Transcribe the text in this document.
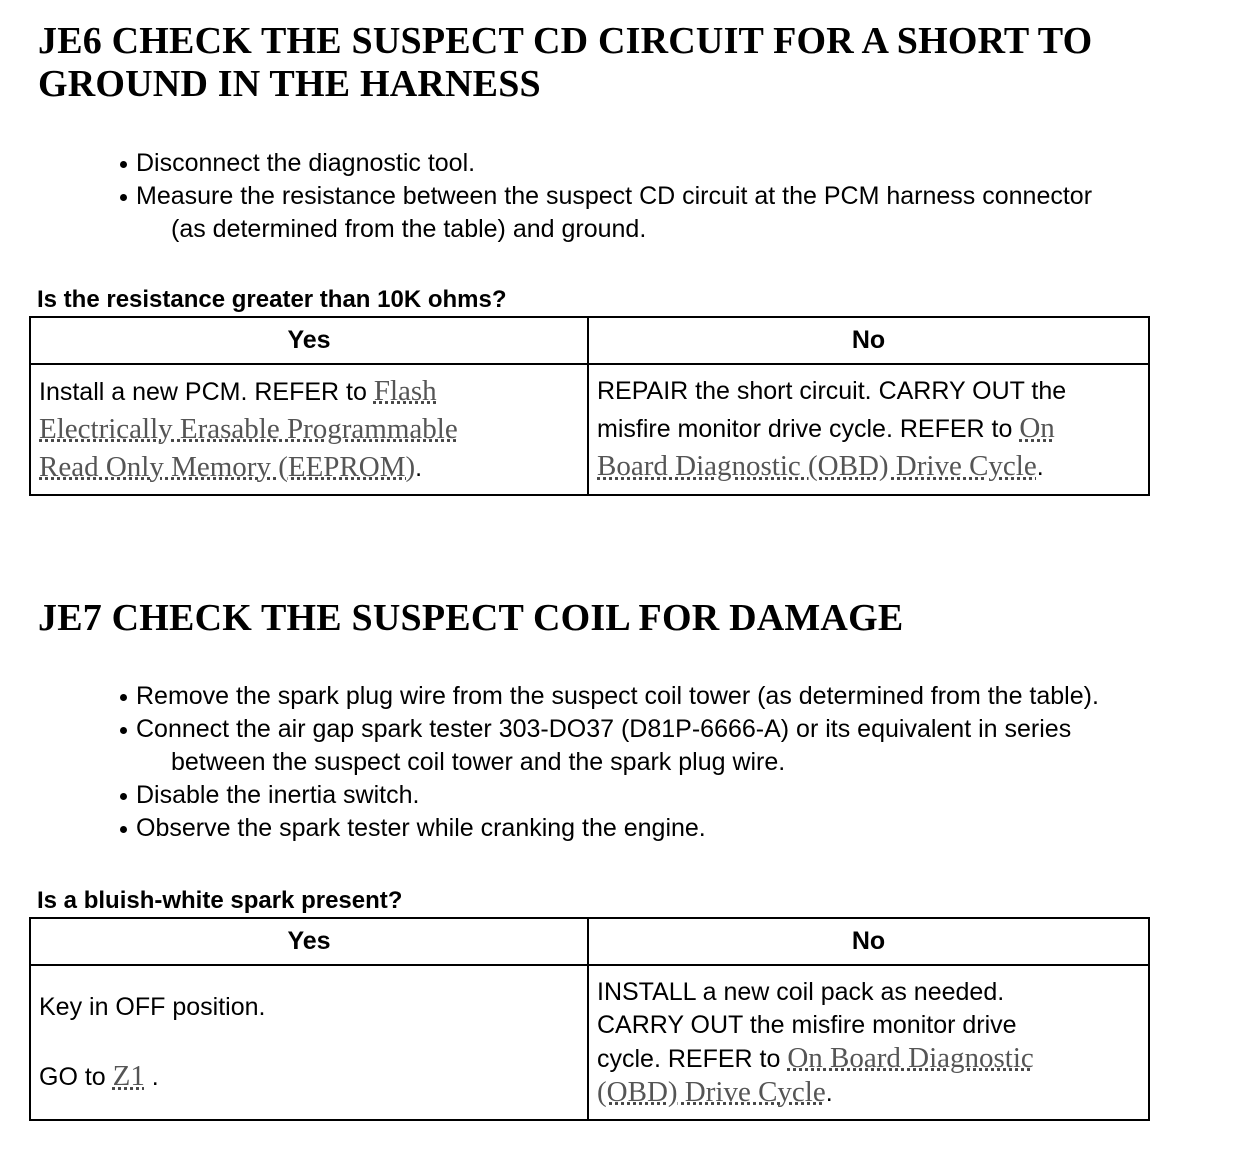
JE6 CHECK THE SUSPECT CD CIRCUIT FOR A SHORT TO
GROUND IN THE HARNESS
Disconnect the diagnostic tool.
Measure the resistance between the suspect CD circuit at the PCM harness connector
(as determined from the table) and ground.

Is the resistance greater than 10K ohms?

Yes	No
Install a new PCM. REFER to Flash
Electrically Erasable Programmable
Read Only Memory (EEPROM).	REPAIR the short circuit. CARRY OUT the
misfire monitor drive cycle. REFER to On
Board Diagnostic (OBD) Drive Cycle.
JE7 CHECK THE SUSPECT COIL FOR DAMAGE
Remove the spark plug wire from the suspect coil tower (as determined from the table).
Connect the air gap spark tester 303-DO37 (D81P-6666-A) or its equivalent in series
between the suspect coil tower and the spark plug wire.
Disable the inertia switch.
Observe the spark tester while cranking the engine.

Is a bluish-white spark present?

Yes	No
Key in OFF position.
GO to Z1 .	INSTALL a new coil pack as needed.
CARRY OUT the misfire monitor drive
cycle. REFER to On Board Diagnostic
(OBD) Drive Cycle.
